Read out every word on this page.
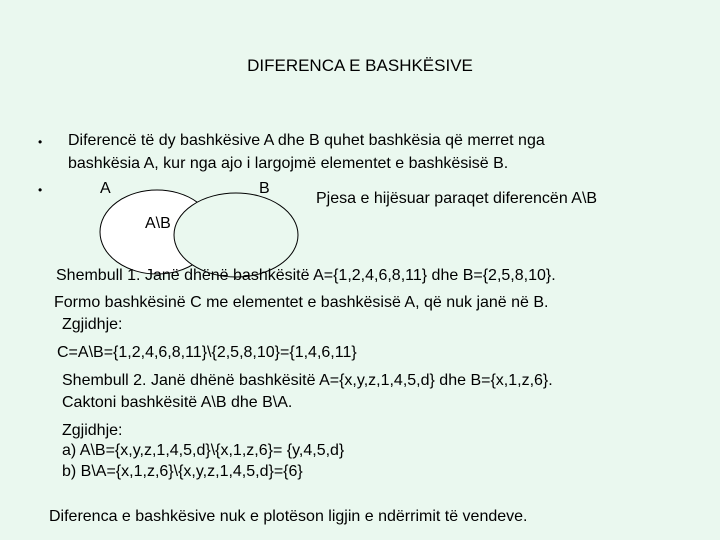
DIFERENCA E BASHKËSIVE
• Diferencë të dy bashkësive A dhe B quhet bashkësia që merret nga
bashkësia A, kur nga ajo i largojmë elementet e bashkësisë B.
•	A	B
Pjesa e hijësuar paraqet diferencën A\B
A\B
Shembull 1. Janë dhënë bashkësitë A={1,2,4,6,8,11} dhe B={2,5,8,10}.
Formo bashkësinë C me elementet e bashkësisë A, që nuk janë në B.
Zgjidhje:
C=A\B={1,2,4,6,8,11}\{2,5,8,10}={1,4,6,11}
Shembull 2. Janë dhënë bashkësitë A={x,y,z,1,4,5,d} dhe B={x,1,z,6}.
Caktoni bashkësitë A\B dhe B\A.
Zgjidhje:
a) A\B={x,y,z,1,4,5,d}\{x,1,z,6}= {y,4,5,d}
b) B\A={x,1,z,6}\{x,y,z,1,4,5,d}={6}
Diferenca e bashkësive nuk e plotëson ligjin e ndërrimit të vendeve.
